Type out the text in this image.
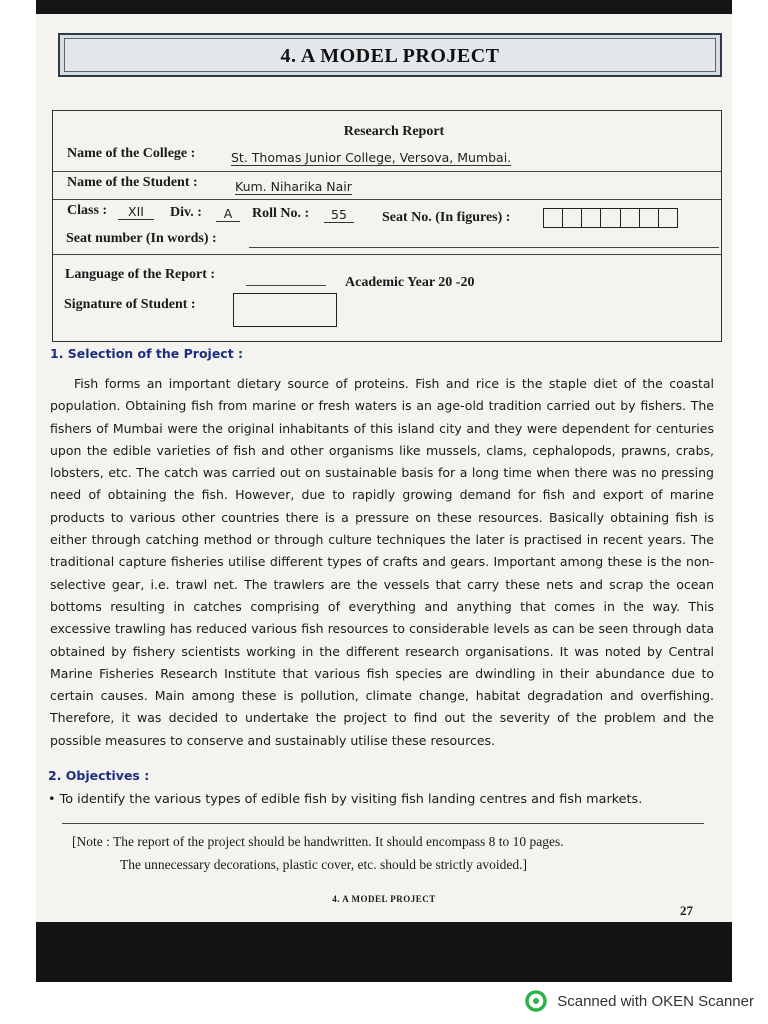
4. A MODEL PROJECT
Research Report
Name of the College :	St. Thomas Junior College, Versova, Mumbai.
Name of the Student :	Kum. Niharika Nair
Class :	XII	Div. :	A	Roll No. :	55	Seat No. (In figures) :
Seat number (In words) :
Language of the Report :
Academic Year 20 -20
Signature of Student :
1. Selection of the Project :

Fish forms an important dietary source of proteins. Fish and rice is the staple diet of the coastal population. Obtaining fish from marine or fresh waters is an age-old tradition carried out by fishers. The fishers of Mumbai were the original inhabitants of this island city and they were dependent for centuries upon the edible varieties of fish and other organisms like mussels, clams, cephalopods, prawns, crabs, lobsters, etc. The catch was carried out on sustainable basis for a long time when there was no pressing need of obtaining the fish. However, due to rapidly growing demand for fish and export of marine products to various other countries there is a pressure on these resources. Basically obtaining fish is either through catching method or through culture techniques the later is practised in recent years. The traditional capture fisheries utilise different types of crafts and gears. Important among these is the non-selective gear, i.e. trawl net. The trawlers are the vessels that carry these nets and scrap the ocean bottoms resulting in catches comprising of everything and anything that comes in the way. This excessive trawling has reduced various fish resources to considerable levels as can be seen through data obtained by fishery scientists working in the different research organisations. It was noted by Central Marine Fisheries Research Institute that various fish species are dwindling in their abundance due to certain causes. Main among these is pollution, climate change, habitat degradation and overfishing. Therefore, it was decided to undertake the project to find out the severity of the problem and the possible measures to conserve and sustainably utilise these resources.

2. Objectives :
• To identify the various types of edible fish by visiting fish landing centres and fish markets.
[Note : The report of the project should be handwritten. It should encompass 8 to 10 pages.
The unnecessary decorations, plastic cover, etc. should be strictly avoided.]
4. A MODEL PROJECT
27
Scanned with OKEN Scanner
